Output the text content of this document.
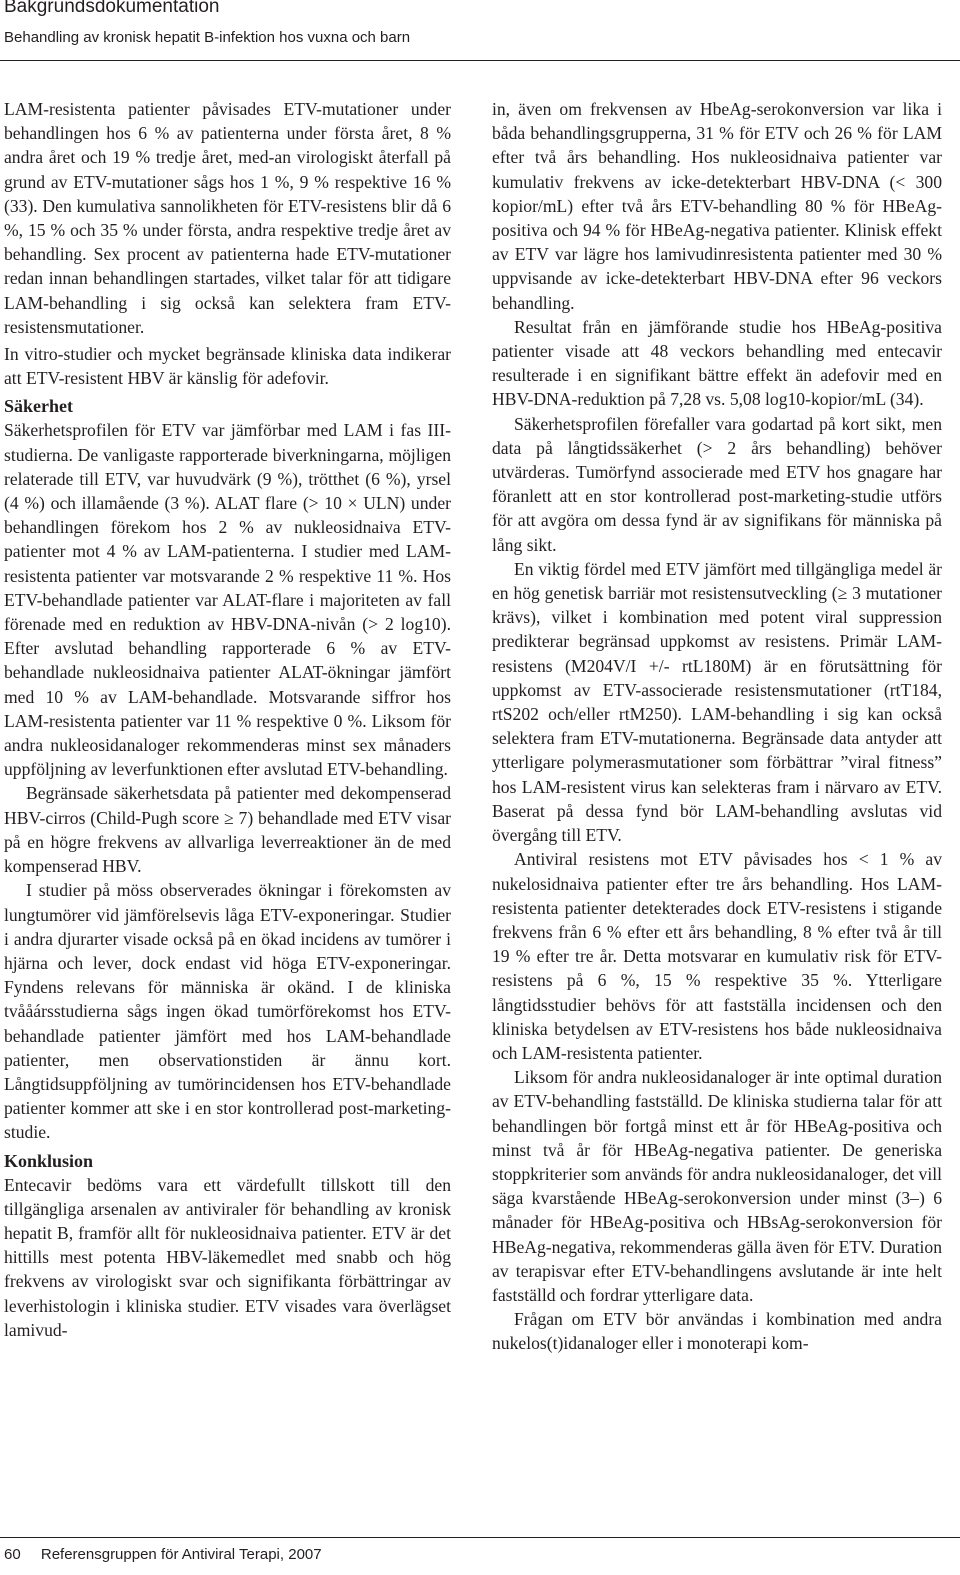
Bakgrundsdokumentation
Behandling av kronisk hepatit B-infektion hos vuxna och barn

LAM-resistenta patienter påvisades ETV-mutationer under behandlingen hos 6 % av patienterna under första året, 8 % andra året och 19 % tredje året, med-an virologiskt återfall på grund av ETV-mutationer sågs hos 1 %, 9 % respektive 16 % (33). Den kumulativa sannolikheten för ETV-resistens blir då 6 %, 15 % och 35 % under första, andra respektive tredje året av behandling. Sex procent av patienterna hade ETV-mutationer redan innan behandlingen startades, vilket talar för att tidigare LAM-behandling i sig också kan selektera fram ETV-resistensmutationer.

In vitro-studier och mycket begränsade kliniska data indikerar att ETV-resistent HBV är känslig för adefovir.

Säkerhet

Säkerhetsprofilen för ETV var jämförbar med LAM i fas III-studierna. De vanligaste rapporterade biverkningarna, möjligen relaterade till ETV, var huvudvärk (9 %), trötthet (6 %), yrsel (4 %) och illamående (3 %). ALAT flare (> 10 × ULN) under behandlingen förekom hos 2 % av nukleosidnaiva ETV-patienter mot 4 % av LAM-patienterna. I studier med LAM-resistenta patienter var motsvarande 2 % respektive 11 %. Hos ETV-behandlade patienter var ALAT-flare i majoriteten av fall förenade med en reduktion av HBV-DNA-nivån (> 2 log10). Efter avslutad behandling rapporterade 6 % av ETV-behandlade nukleosidnaiva patienter ALAT-ökningar jämfört med 10 % av LAM-behandlade. Motsvarande siffror hos LAM-resistenta patienter var 11 % respektive 0 %. Liksom för andra nukleosidanaloger rekommenderas minst sex månaders uppföljning av leverfunktionen efter avslutad ETV-behandling.

Begränsade säkerhetsdata på patienter med dekompenserad HBV-cirros (Child-Pugh score ≥ 7) behandlade med ETV visar på en högre frekvens av allvarliga leverreaktioner än de med kompenserad HBV.

I studier på möss observerades ökningar i förekomsten av lungtumörer vid jämförelsevis låga ETV-exponeringar. Studier i andra djurarter visade också på en ökad incidens av tumörer i hjärna och lever, dock endast vid höga ETV-exponeringar. Fyndens relevans för människa är okänd. I de kliniska tvååársstudierna sågs ingen ökad tumörförekomst hos ETV-behandlade patienter jämfört med hos LAM-behandlade patienter, men observationstiden är ännu kort. Långtidsuppföljning av tumörincidensen hos ETV-behandlade patienter kommer att ske i en stor kontrollerad post-marketing-studie.

Konklusion

Entecavir bedöms vara ett värdefullt tillskott till den tillgängliga arsenalen av antiviraler för behandling av kronisk hepatit B, framför allt för nukleosidnaiva patienter. ETV är det hittills mest potenta HBV-läkemedlet med snabb och hög frekvens av virologiskt svar och signifikanta förbättringar av leverhistologin i kliniska studier. ETV visades vara överlägset lamivud-

in, även om frekvensen av HbeAg-serokonversion var lika i båda behandlingsgrupperna, 31 % för ETV och 26 % för LAM efter två års behandling. Hos nukleosidnaiva patienter var kumulativ frekvens av icke-detekterbart HBV-DNA (< 300 kopior/mL) efter två års ETV-behandling 80 % för HBeAg-positiva och 94 % för HBeAg-negativa patienter. Klinisk effekt av ETV var lägre hos lamivudinresistenta patienter med 30 % uppvisande av icke-detekterbart HBV-DNA efter 96 veckors behandling.

Resultat från en jämförande studie hos HBeAg-positiva patienter visade att 48 veckors behandling med entecavir resulterade i en signifikant bättre effekt än adefovir med en HBV-DNA-reduktion på 7,28 vs. 5,08 log10-kopior/mL (34).

Säkerhetsprofilen förefaller vara godartad på kort sikt, men data på långtidssäkerhet (> 2 års behandling) behöver utvärderas. Tumörfynd associerade med ETV hos gnagare har föranlett att en stor kontrollerad post-marketing-studie utförs för att avgöra om dessa fynd är av signifikans för människa på lång sikt.

En viktig fördel med ETV jämfört med tillgängliga medel är en hög genetisk barriär mot resistensutveckling (≥ 3 mutationer krävs), vilket i kombination med potent viral suppression predikterar begränsad uppkomst av resistens. Primär LAM-resistens (M204V/I +/- rtL180M) är en förutsättning för uppkomst av ETV-associerade resistensmutationer (rtT184, rtS202 och/eller rtM250). LAM-behandling i sig kan också selektera fram ETV-mutationerna. Begränsade data antyder att ytterligare polymerasmutationer som förbättrar ”viral fitness” hos LAM-resistent virus kan selekteras fram i närvaro av ETV. Baserat på dessa fynd bör LAM-behandling avslutas vid övergång till ETV.

Antiviral resistens mot ETV påvisades hos < 1 % av nukelosidnaiva patienter efter tre års behandling. Hos LAM-resistenta patienter detekterades dock ETV-resistens i stigande frekvens från 6 % efter ett års behandling, 8 % efter två år till 19 % efter tre år. Detta motsvarar en kumulativ risk för ETV-resistens på 6 %, 15 % respektive 35 %. Ytterligare långtidsstudier behövs för att fastställa incidensen och den kliniska betydelsen av ETV-resistens hos både nukleosidnaiva och LAM-resistenta patienter.

Liksom för andra nukleosidanaloger är inte optimal duration av ETV-behandling fastställd. De kliniska studierna talar för att behandlingen bör fortgå minst ett år för HBeAg-positiva och minst två år för HBeAg-negativa patienter. De generiska stoppkriterier som används för andra nukleosidanaloger, det vill säga kvarstående HBeAg-serokonversion under minst (3–) 6 månader för HBeAg-positiva och HBsAg-serokonversion för HBeAg-negativa, rekommenderas gälla även för ETV. Duration av terapisvar efter ETV-behandlingens avslutande är inte helt fastställd och fordrar ytterligare data.

Frågan om ETV bör användas i kombination med andra nukelos(t)idanaloger eller i monoterapi kom-

60 Referensgruppen för Antiviral Terapi, 2007
